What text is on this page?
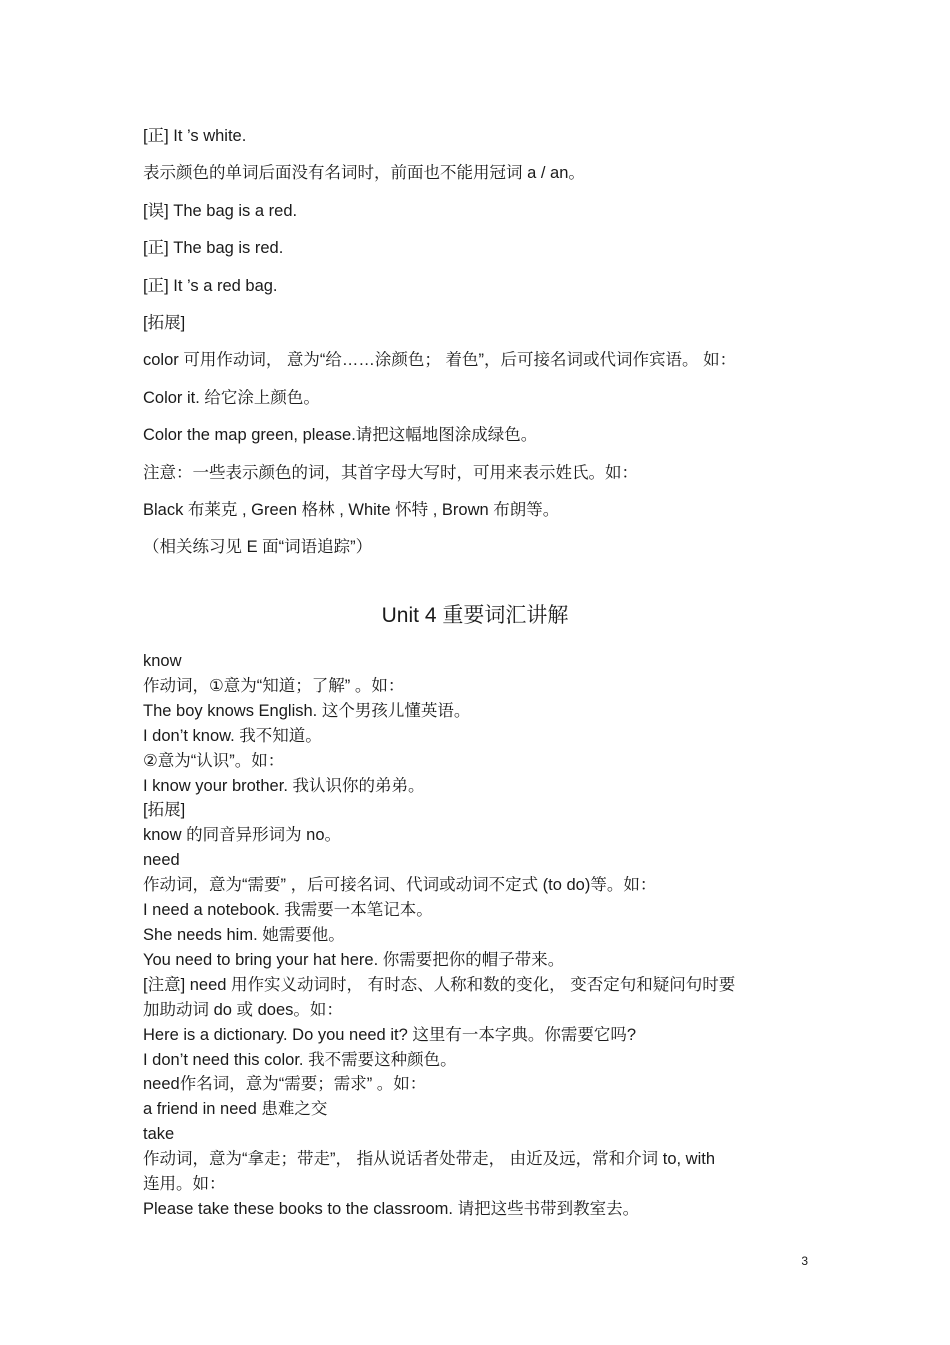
[正] It ’s white.
表示颜色的单词后面没有名词时，前面也不能用冠词 a / an。
[误] The bag is a red.
[正] The bag is red.
[正] It ’s a red bag.
[拓展]
color 可用作动词， 意为“给……涂颜色； 着色”，后可接名词或代词作宾语。 如：
Color it. 给它涂上颜色。
Color the map green, please.请把这幅地图涂成绿色。
注意：一些表示颜色的词，其首字母大写时，可用来表示姓氏。如：
Black 布莱克 , Green 格林 , White 怀特 , Brown 布朗等。
（相关练习见 E 面“词语追踪”）
Unit 4 重要词汇讲解
know
作动词，①意为“知道；了解” 。如：
The boy knows English. 这个男孩儿懂英语。
I don’t know. 我不知道。
②意为“认识”。如：
I know your brother. 我认识你的弟弟。
[拓展]
know 的同音异形词为 no。
need
作动词，意为“需要” ，后可接名词、代词或动词不定式 (to do)等。如：
I need a notebook. 我需要一本笔记本。
She needs him. 她需要他。
You need to bring your hat here. 你需要把你的帽子带来。
[注意] need 用作实义动词时， 有时态、人称和数的变化， 变否定句和疑问句时要
加助动词 do 或 does。如：
Here is a dictionary. Do you need it? 这里有一本字典。你需要它吗?
I don’t need this color. 我不需要这种颜色。
need作名词，意为“需要；需求” 。如：
a friend in need 患难之交
take
作动词，意为“拿走；带走”， 指从说话者处带走， 由近及远，常和介词 to, with
连用。如：
Please take these books to the classroom. 请把这些书带到教室去。
3
